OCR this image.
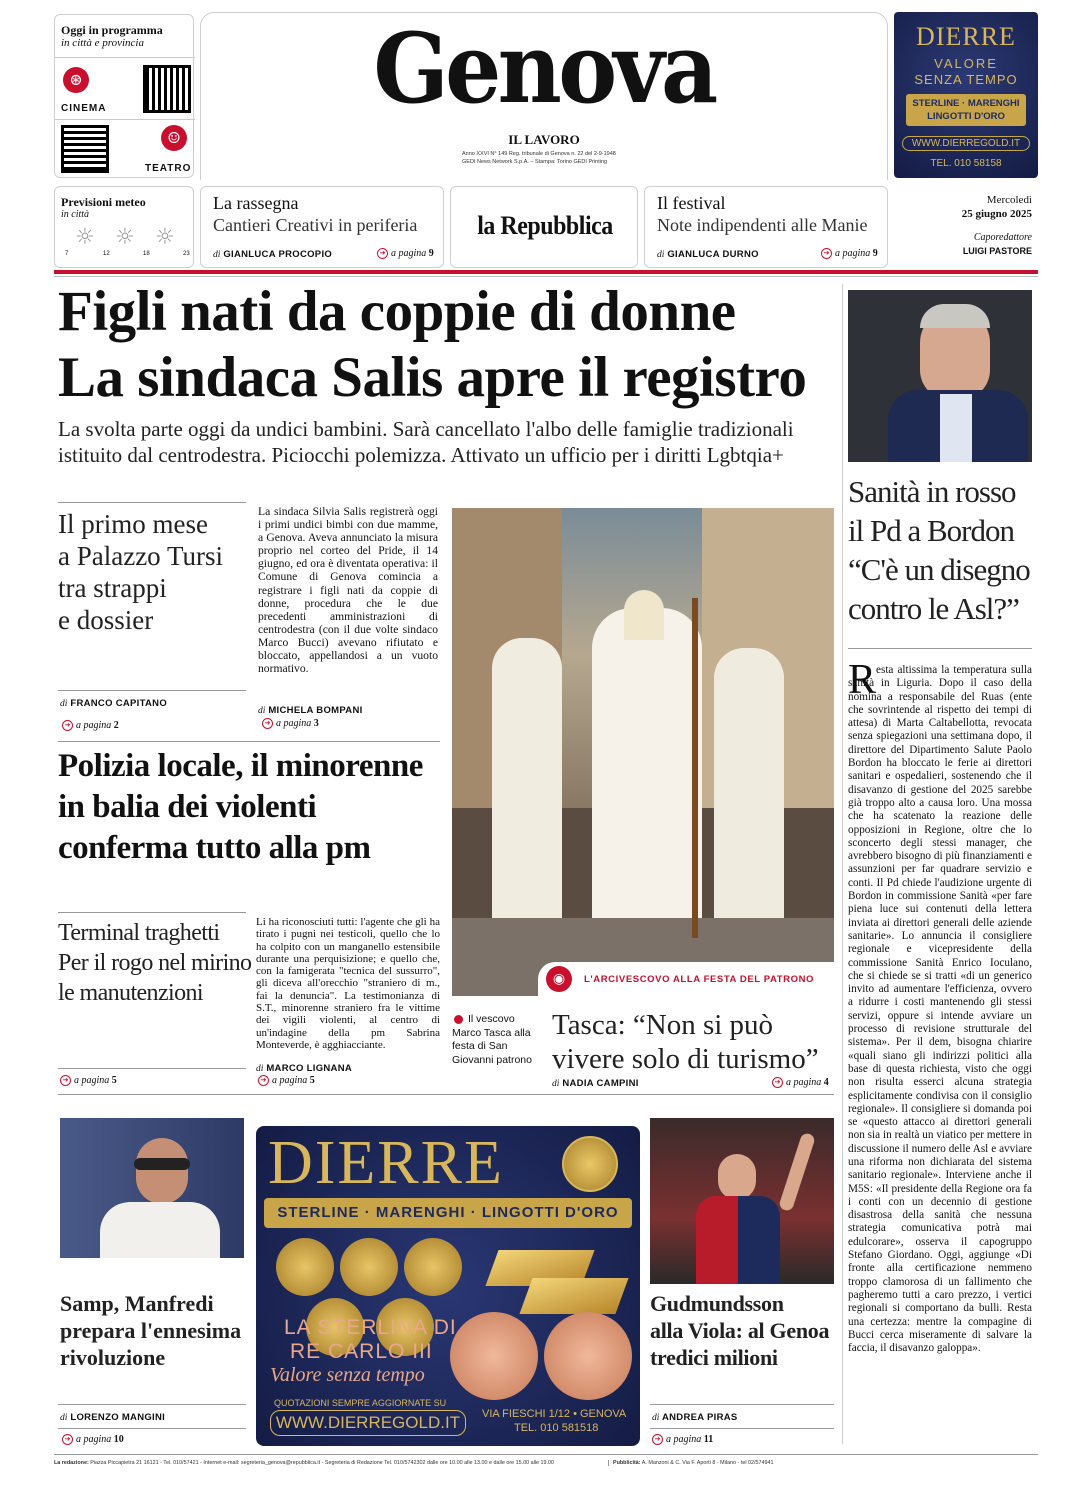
Oggi in programma
in città e provincia
⊛
CINEMA
☺
TEATRO
Genova
IL LAVORO
Anno XXVI N° 149 Reg. tribunale di Genova n. 22 del 2-9-1948
GEDI News Network S.p.A. – Stampa: Torino GEDI Printing
DIERRE
VALORE
SENZA TEMPO
STERLINE · MARENGHI
LINGOTTI D'ORO
WWW.DIERREGOLD.IT
TEL. 010 58158
Previsioni meteo
in città
☼ ☼ ☼
7	12	18	23
La rassegna
Cantieri Creativi in periferia
di GIANLUCA PROCOPIO	➔ a pagina 9
la Repubblica
Il festival
Note indipendenti alle Manie
di GIANLUCA DURNO	➔ a pagina 9
Mercoledì
25 giugno 2025
Caporedattore
LUIGI PASTORE
Figli nati da coppie di donne
La sindaca Salis apre il registro
La svolta parte oggi da undici bambini. Sarà cancellato l'albo delle famiglie tradizionali
istituito dal centrodestra. Piciocchi polemizza. Attivato un ufficio per i diritti Lgbtqia+
Il primo mese
a Palazzo Tursi
tra strappi
e dossier
di FRANCO CAPITANO
➔ a pagina 2
La sindaca Silvia Salis registrerà oggi i primi undici bimbi con due mamme, a Genova. Aveva annunciato la misura proprio nel corteo del Pride, il 14 giugno, ed ora è diventata operativa: il Comune di Genova comincia a registrare i figli nati da coppie di donne, procedura che le due precedenti amministrazioni di centrodestra (con il due volte sindaco Marco Bucci) avevano rifiutato e bloccato, appellandosi a un vuoto normativo.
di MICHELA BOMPANI
➔ a pagina 3
Polizia locale, il minorenne
in balia dei violenti
conferma tutto alla pm
Terminal traghetti
Per il rogo nel mirino
le manutenzioni
➔ a pagina 5
Li ha riconosciuti tutti: l'agente che gli ha tirato i pugni nei testicoli, quello che lo ha colpito con un manganello estensibile durante una perquisizione; e quello che, con la famigerata "tecnica del sussurro", gli diceva all'orecchio "straniero di m., fai la denuncia". La testimonianza di S.T., minorenne straniero fra le vittime dei vigili violenti, al centro di un'indagine della pm Sabrina Monteverde, è agghiacciante.
di MARCO LIGNANA
➔ a pagina 5
◉	L'ARCIVESCOVO ALLA FESTA DEL PATRONO
Il vescovo Marco Tasca alla festa di San Giovanni patrono
Tasca: “Non si può
vivere solo di turismo”
di NADIA CAMPINI	➔ a pagina 4
Sanità in rosso
il Pd a Bordon
“C'è un disegno
contro le Asl?”
R esta altissima la temperatura sulla sanità in Liguria. Dopo il caso della nomina a responsabile del Ruas (ente che sovrintende al rispetto dei tempi di attesa) di Marta Caltabellotta, revocata senza spiegazioni una settimana dopo, il direttore del Dipartimento Salute Paolo Bordon ha bloccato le ferie ai direttori sanitari e ospedalieri, sostenendo che il disavanzo di gestione del 2025 sarebbe già troppo alto a causa loro. Una mossa che ha scatenato la reazione delle opposizioni in Regione, oltre che lo sconcerto degli stessi manager, che avrebbero bisogno di più finanziamenti e assunzioni per far quadrare servizio e conti. Il Pd chiede l'audizione urgente di Bordon in commissione Sanità «per fare piena luce sui contenuti della lettera inviata ai direttori generali delle aziende sanitarie». Lo annuncia il consigliere regionale e vicepresidente della commissione Sanità Enrico Ioculano, che si chiede se si tratti «di un generico invito ad aumentare l'efficienza, ovvero a ridurre i costi mantenendo gli stessi servizi, oppure si intende avviare un processo di revisione strutturale del sistema». Per il dem, bisogna chiarire «quali siano gli indirizzi politici alla base di questa richiesta, visto che oggi non risulta esserci alcuna strategia esplicitamente condivisa con il consiglio regionale». Il consigliere si domanda poi se «questo attacco ai direttori generali non sia in realtà un viatico per mettere in discussione il numero delle Asl e avviare una riforma non dichiarata del sistema sanitario regionale». Interviene anche il M5S: «Il presidente della Regione ora fa i conti con un decennio di gestione disastrosa della sanità che nessuna strategia comunicativa potrà mai edulcorare», osserva il capogruppo Stefano Giordano. Oggi, aggiunge «Di fronte alla certificazione nemmeno troppo clamorosa di un fallimento che pagheremo tutti a caro prezzo, i vertici regionali si comportano da bulli. Resta una certezza: mentre la compagine di Bucci cerca miseramente di salvare la faccia, il disavanzo galoppa».
Samp, Manfredi
prepara l'ennesima
rivoluzione
di LORENZO MANGINI
➔ a pagina 10
DIERRE
STERLINE · MARENGHI · LINGOTTI D'ORO
LA STERLINA DI
RE CARLO III
Valore senza tempo
QUOTAZIONI SEMPRE AGGIORNATE SU
WWW.DIERREGOLD.IT	VIA FIESCHI 1/12 • GENOVA
TEL. 010 581518
Gudmundsson
alla Viola: al Genoa
tredici milioni
di ANDREA PIRAS
➔ a pagina 11
La redazione: Piazza Piccapietra 21 16121 - Tel. 010/57421 - Internet e-mail: segreteria_genova@repubblica.it - Segreteria di Redazione Tel. 010/5742302 dalle ore 10.00 alle 13.00 e dalle ore 15.00 alle 19.00	Pubblicità: A. Manzoni & C. Via F. Aporti 8 - Milano - tel 02/574941
